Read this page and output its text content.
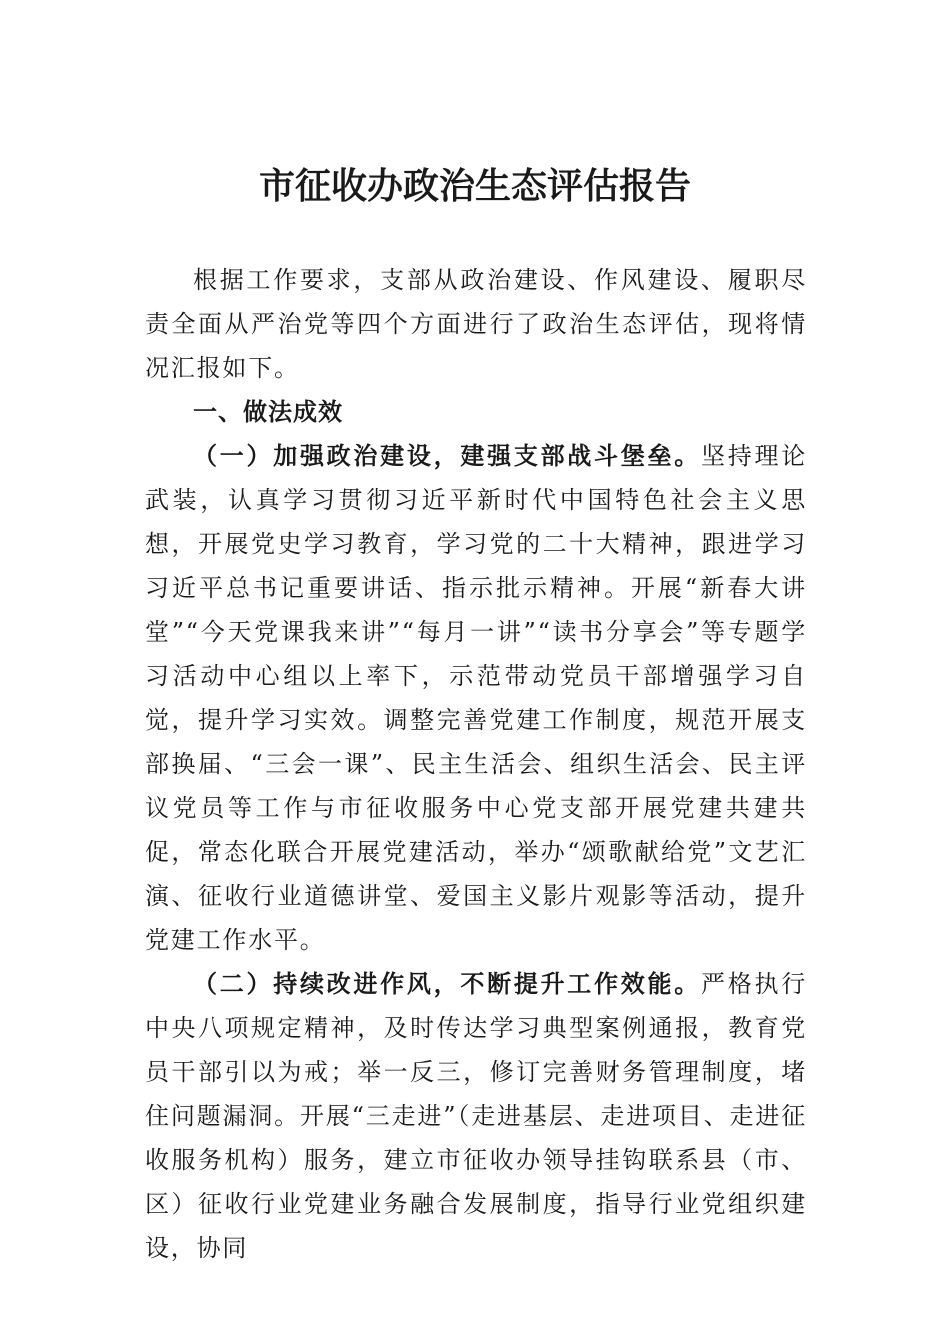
市征收办政治生态评估报告

根据工作要求，支部从政治建设、作风建设、履职尽责全面从严治党等四个方面进行了政治生态评估，现将情况汇报如下。

一、做法成效

（一）加强政治建设，建强支部战斗堡垒。坚持理论武装，认真学习贯彻习近平新时代中国特色社会主义思想，开展党史学习教育，学习党的二十大精神，跟进学习习近平总书记重要讲话、指示批示精神。开展“新春大讲堂”“今天党课我来讲”“每月一讲”“读书分享会”等专题学习活动中心组以上率下，示范带动党员干部增强学习自觉，提升学习实效。调整完善党建工作制度，规范开展支部换届、“三会一课”、民主生活会、组织生活会、民主评议党员等工作与市征收服务中心党支部开展党建共建共促，常态化联合开展党建活动，举办“颂歌献给党”文艺汇演、征收行业道德讲堂、爱国主义影片观影等活动，提升党建工作水平。

（二）持续改进作风，不断提升工作效能。严格执行中央八项规定精神，及时传达学习典型案例通报，教育党员干部引以为戒；举一反三，修订完善财务管理制度，堵住问题漏洞。开展“三走进”（走进基层、走进项目、走进征收服务机构）服务，建立市征收办领导挂钩联系县（市、区）征收行业党建业务融合发展制度，指导行业党组织建设，协同
